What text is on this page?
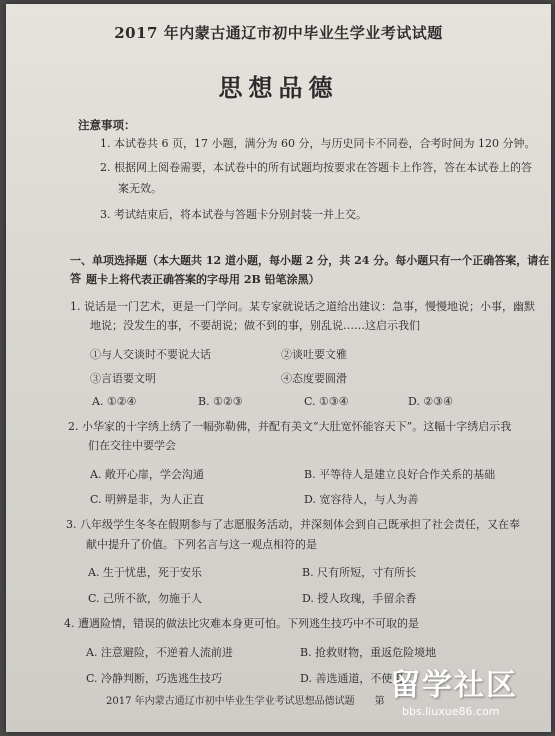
2017 年内蒙古通辽市初中毕业生学业考试试题
思想品德
注意事项：
1. 本试卷共 6 页，17 小题，满分为 60 分，与历史同卡不同卷，合考时间为 120 分钟。
2. 根据网上阅卷需要，本试卷中的所有试题均按要求在答题卡上作答，答在本试卷上的答
案无效。
3. 考试结束后，将本试卷与答题卡分别封装一并上交。
一、单项选择题（本大题共 12 道小题，每小题 2 分，共 24 分。每小题只有一个正确答案，请在答 题卡上将代表正确答案的字母用 2B 铅笔涂黑）
1. 说话是一门艺术，更是一门学问。某专家就说话之道给出建议：急事，慢慢地说；小事，幽默
地说；没发生的事，不要胡说；做不到的事，别乱说……这启示我们
①与人交谈时不要说大话	②谈吐要文雅
③言语要文明	④态度要圆滑
A. ①②④	B. ①②③	C. ①③④	D. ②③④
2. 小华家的十字绣上绣了一幅弥勒佛，并配有美文“大肚宽怀能容天下”。这幅十字绣启示我
们在交往中要学会
A. 敞开心扉，学会沟通	B. 平等待人是建立良好合作关系的基础
C. 明辨是非，为人正直	D. 宽容待人，与人为善
3. 八年级学生冬冬在假期参与了志愿服务活动，并深刻体会到自己既承担了社会责任，又在奉
献中提升了价值。下列名言与这一观点相符的是
A. 生于忧患，死于安乐	B. 尺有所短，寸有所长
C. 己所不欲，勿施于人	D. 授人玫瑰，手留余香
4. 遭遇险情，错误的做法比灾难本身更可怕。下列逃生技巧中不可取的是
A. 注意避险，不逆着人流前进	B. 抢救财物，重返危险境地
C. 冷静判断，巧选逃生技巧	D. 善选通道，不使用
2017 年内蒙古通辽市初中毕业生学业考试思想品德试题　　第 留学社区
bbs.liuxue86.com
